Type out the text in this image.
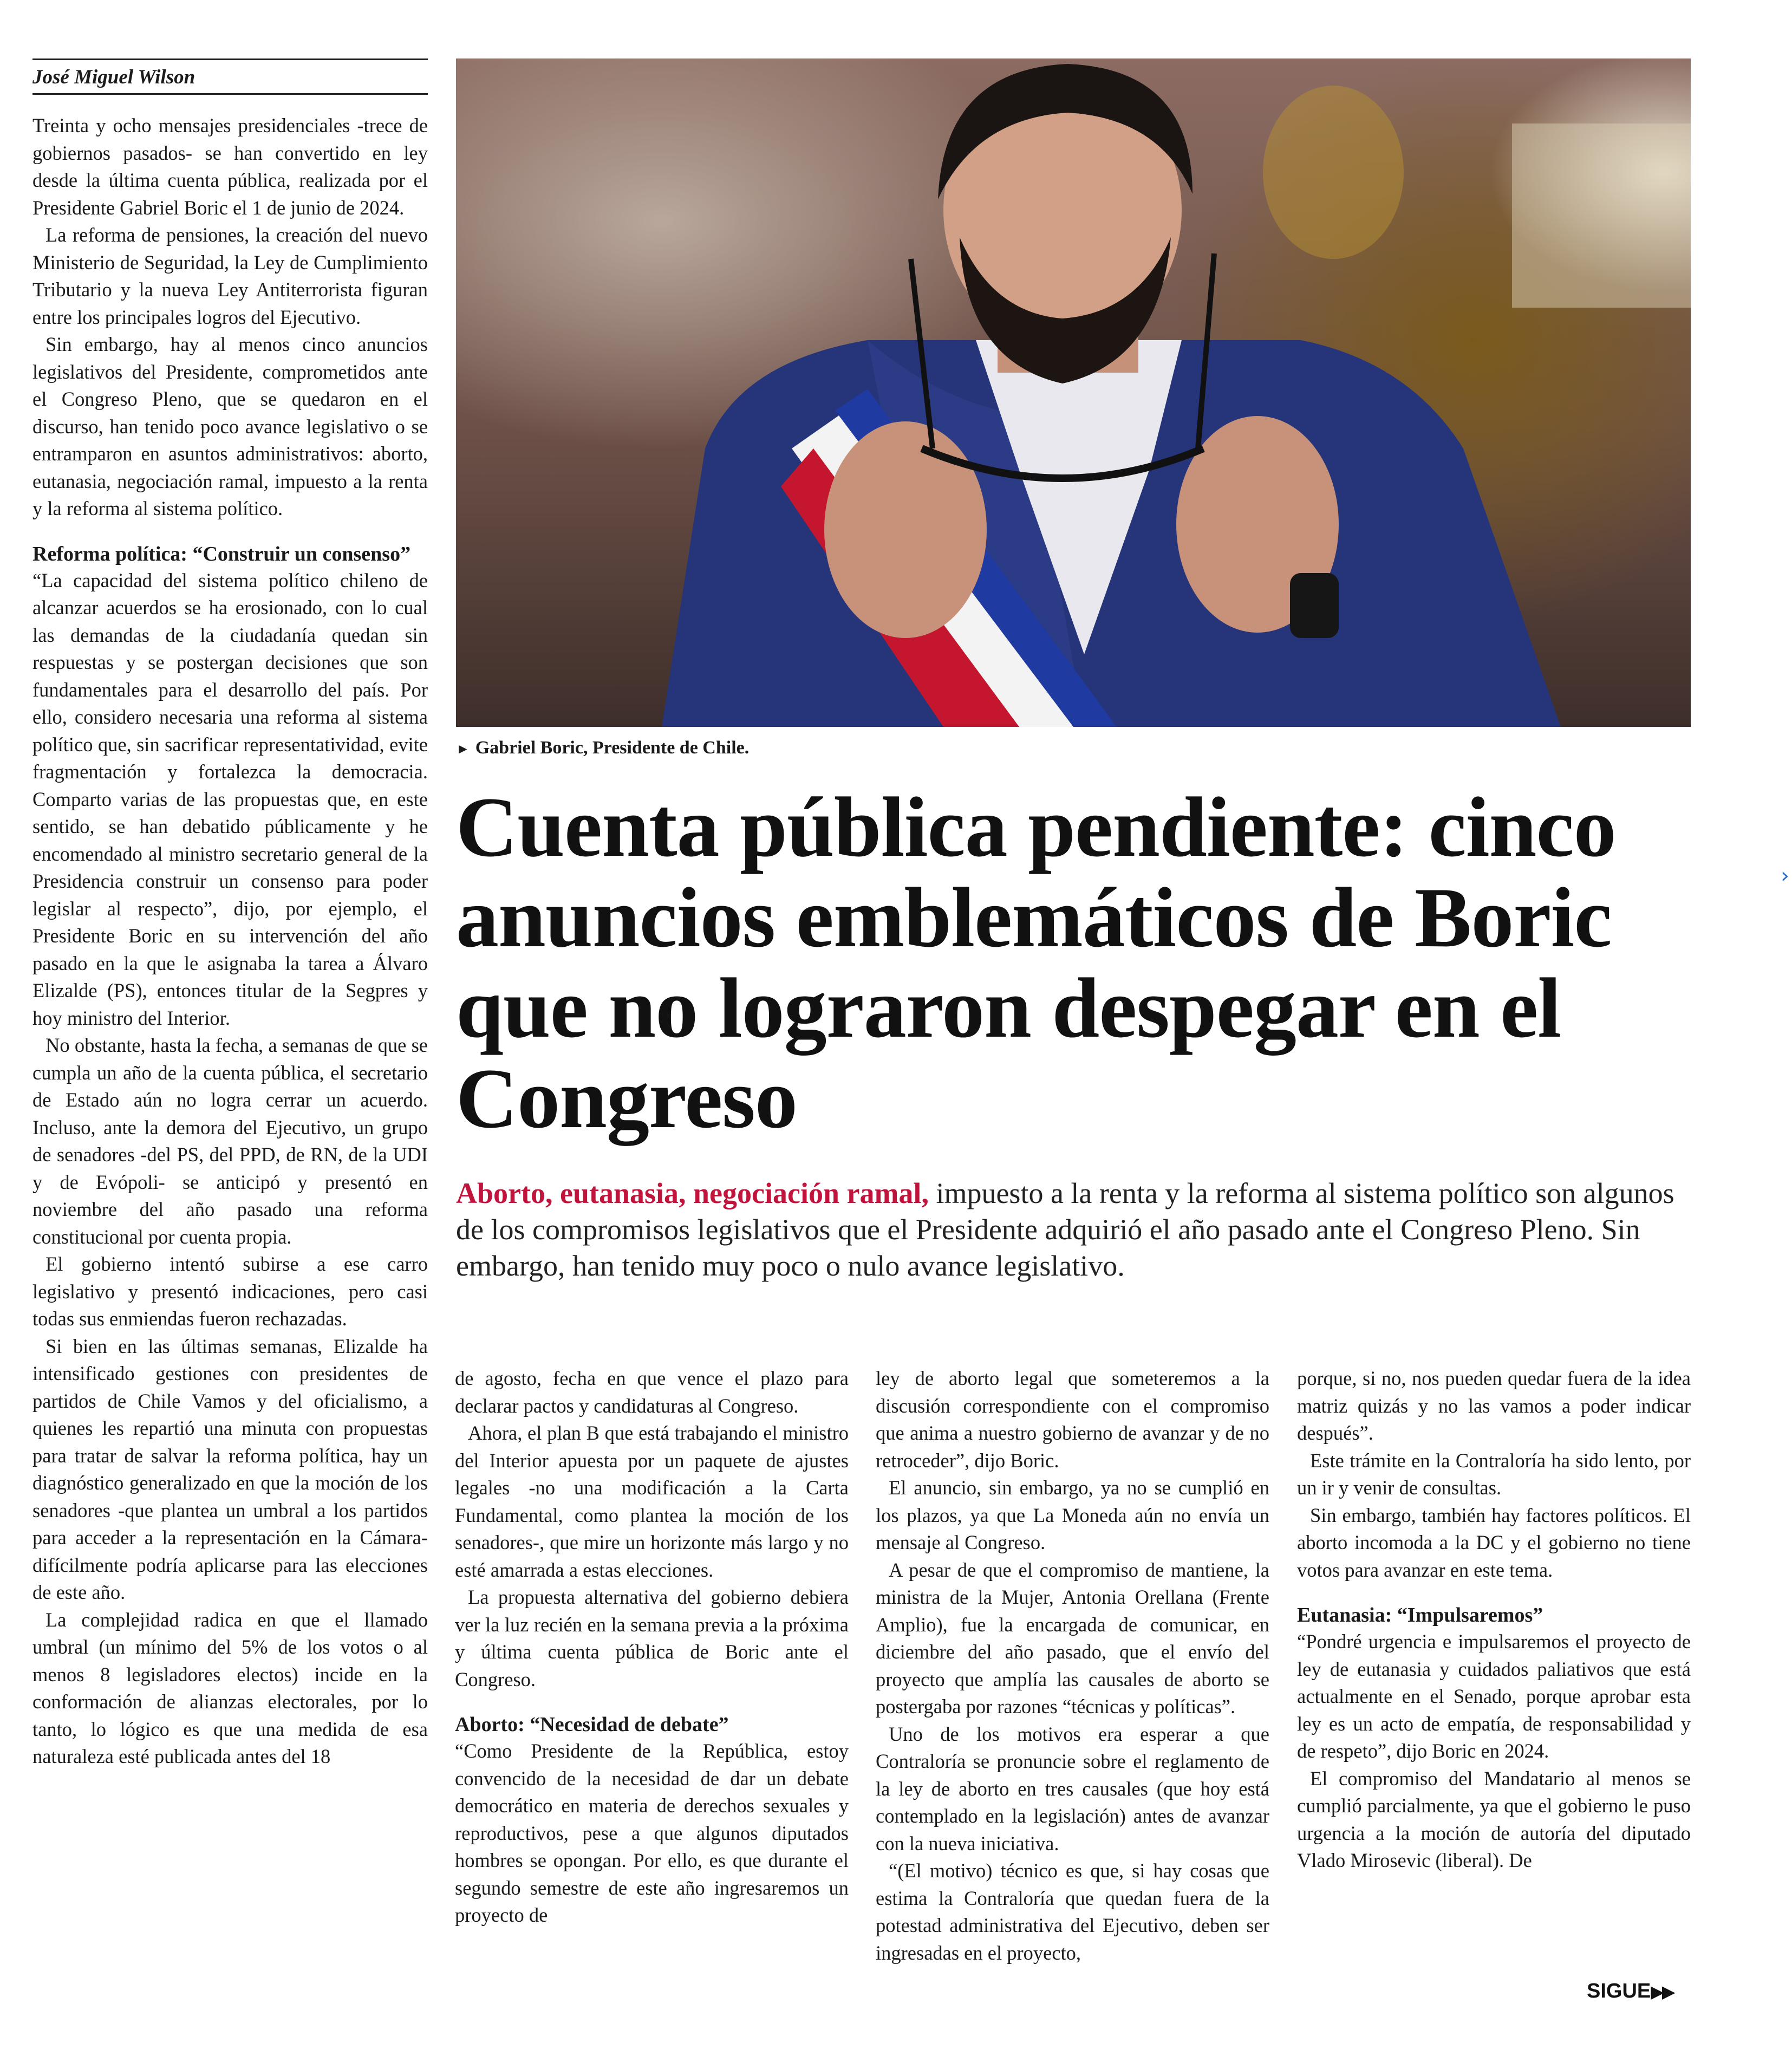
José Miguel Wilson

Treinta y ocho mensajes presidenciales -trece de gobiernos pasados- se han convertido en ley desde la última cuenta pública, realizada por el Presidente Gabriel Boric el 1 de junio de 2024.

La reforma de pensiones, la creación del nuevo Ministerio de Seguridad, la Ley de Cumplimiento Tributario y la nueva Ley Antiterrorista figuran entre los principales logros del Ejecutivo.

Sin embargo, hay al menos cinco anuncios legislativos del Presidente, comprometidos ante el Congreso Pleno, que se quedaron en el discurso, han tenido poco avance legislativo o se entramparon en asuntos administrativos: aborto, eutanasia, negociación ramal, impuesto a la renta y la reforma al sistema político.

Reforma política: “Construir un consenso”

“La capacidad del sistema político chileno de alcanzar acuerdos se ha erosionado, con lo cual las demandas de la ciudadanía quedan sin respuestas y se postergan decisiones que son fundamentales para el desarrollo del país. Por ello, considero necesaria una reforma al sistema político que, sin sacrificar representatividad, evite fragmentación y fortalezca la democracia. Comparto varias de las propuestas que, en este sentido, se han debatido públicamente y he encomendado al ministro secretario general de la Presidencia construir un consenso para poder legislar al respecto”, dijo, por ejemplo, el Presidente Boric en su intervención del año pasado en la que le asignaba la tarea a Álvaro Elizalde (PS), entonces titular de la Segpres y hoy ministro del Interior.

No obstante, hasta la fecha, a semanas de que se cumpla un año de la cuenta pública, el secretario de Estado aún no logra cerrar un acuerdo. Incluso, ante la demora del Ejecutivo, un grupo de senadores -del PS, del PPD, de RN, de la UDI y de Evópoli- se anticipó y presentó en noviembre del año pasado una reforma constitucional por cuenta propia.

El gobierno intentó subirse a ese carro legislativo y presentó indicaciones, pero casi todas sus enmiendas fueron rechazadas.

Si bien en las últimas semanas, Elizalde ha intensificado gestiones con presidentes de partidos de Chile Vamos y del oficialismo, a quienes les repartió una minuta con propuestas para tratar de salvar la reforma política, hay un diagnóstico generalizado en que la moción de los senadores -que plantea un umbral a los partidos para acceder a la representación en la Cámara- difícilmente podría aplicarse para las elecciones de este año.

La complejidad radica en que el llamado umbral (un mínimo del 5% de los votos o al menos 8 legisladores electos) incide en la conformación de alianzas electorales, por lo tanto, lo lógico es que una medida de esa naturaleza esté publicada antes del 18

► Gabriel Boric, Presidente de Chile.
Cuenta pública pendiente: cinco anuncios emblemáticos de Boric que no lograron despegar en el Congreso
Aborto, eutanasia, negociación ramal, impuesto a la renta y la reforma al sistema político son algunos de los compromisos legislativos que el Presidente adquirió el año pasado ante el Congreso Pleno. Sin embargo, han tenido muy poco o nulo avance legislativo.

de agosto, fecha en que vence el plazo para declarar pactos y candidaturas al Congreso.

Ahora, el plan B que está trabajando el ministro del Interior apuesta por un paquete de ajustes legales -no una modificación a la Carta Fundamental, como plantea la moción de los senadores-, que mire un horizonte más largo y no esté amarrada a estas elecciones.

La propuesta alternativa del gobierno debiera ver la luz recién en la semana previa a la próxima y última cuenta pública de Boric ante el Congreso.

Aborto: “Necesidad de debate”

“Como Presidente de la República, estoy convencido de la necesidad de dar un debate democrático en materia de derechos sexuales y reproductivos, pese a que algunos diputados hombres se opongan. Por ello, es que durante el segundo semestre de este año ingresaremos un proyecto de

ley de aborto legal que someteremos a la discusión correspondiente con el compromiso que anima a nuestro gobierno de avanzar y de no retroceder”, dijo Boric.

El anuncio, sin embargo, ya no se cumplió en los plazos, ya que La Moneda aún no envía un mensaje al Congreso.

A pesar de que el compromiso de mantiene, la ministra de la Mujer, Antonia Orellana (Frente Amplio), fue la encargada de comunicar, en diciembre del año pasado, que el envío del proyecto que amplía las causales de aborto se postergaba por razones “técnicas y políticas”.

Uno de los motivos era esperar a que Contraloría se pronuncie sobre el reglamento de la ley de aborto en tres causales (que hoy está contemplado en la legislación) antes de avanzar con la nueva iniciativa.

“(El motivo) técnico es que, si hay cosas que estima la Contraloría que quedan fuera de la potestad administrativa del Ejecutivo, deben ser ingresadas en el proyecto,

porque, si no, nos pueden quedar fuera de la idea matriz quizás y no las vamos a poder indicar después”.

Este trámite en la Contraloría ha sido lento, por un ir y venir de consultas.

Sin embargo, también hay factores políticos. El aborto incomoda a la DC y el gobierno no tiene votos para avanzar en este tema.

Eutanasia: “Impulsaremos”

“Pondré urgencia e impulsaremos el proyecto de ley de eutanasia y cuidados paliativos que está actualmente en el Senado, porque aprobar esta ley es un acto de empatía, de responsabilidad y de respeto”, dijo Boric en 2024.

El compromiso del Mandatario al menos se cumplió parcialmente, ya que el gobierno le puso urgencia a la moción de autoría del diputado Vlado Mirosevic (liberal). De

SIGUE▶▶
›
